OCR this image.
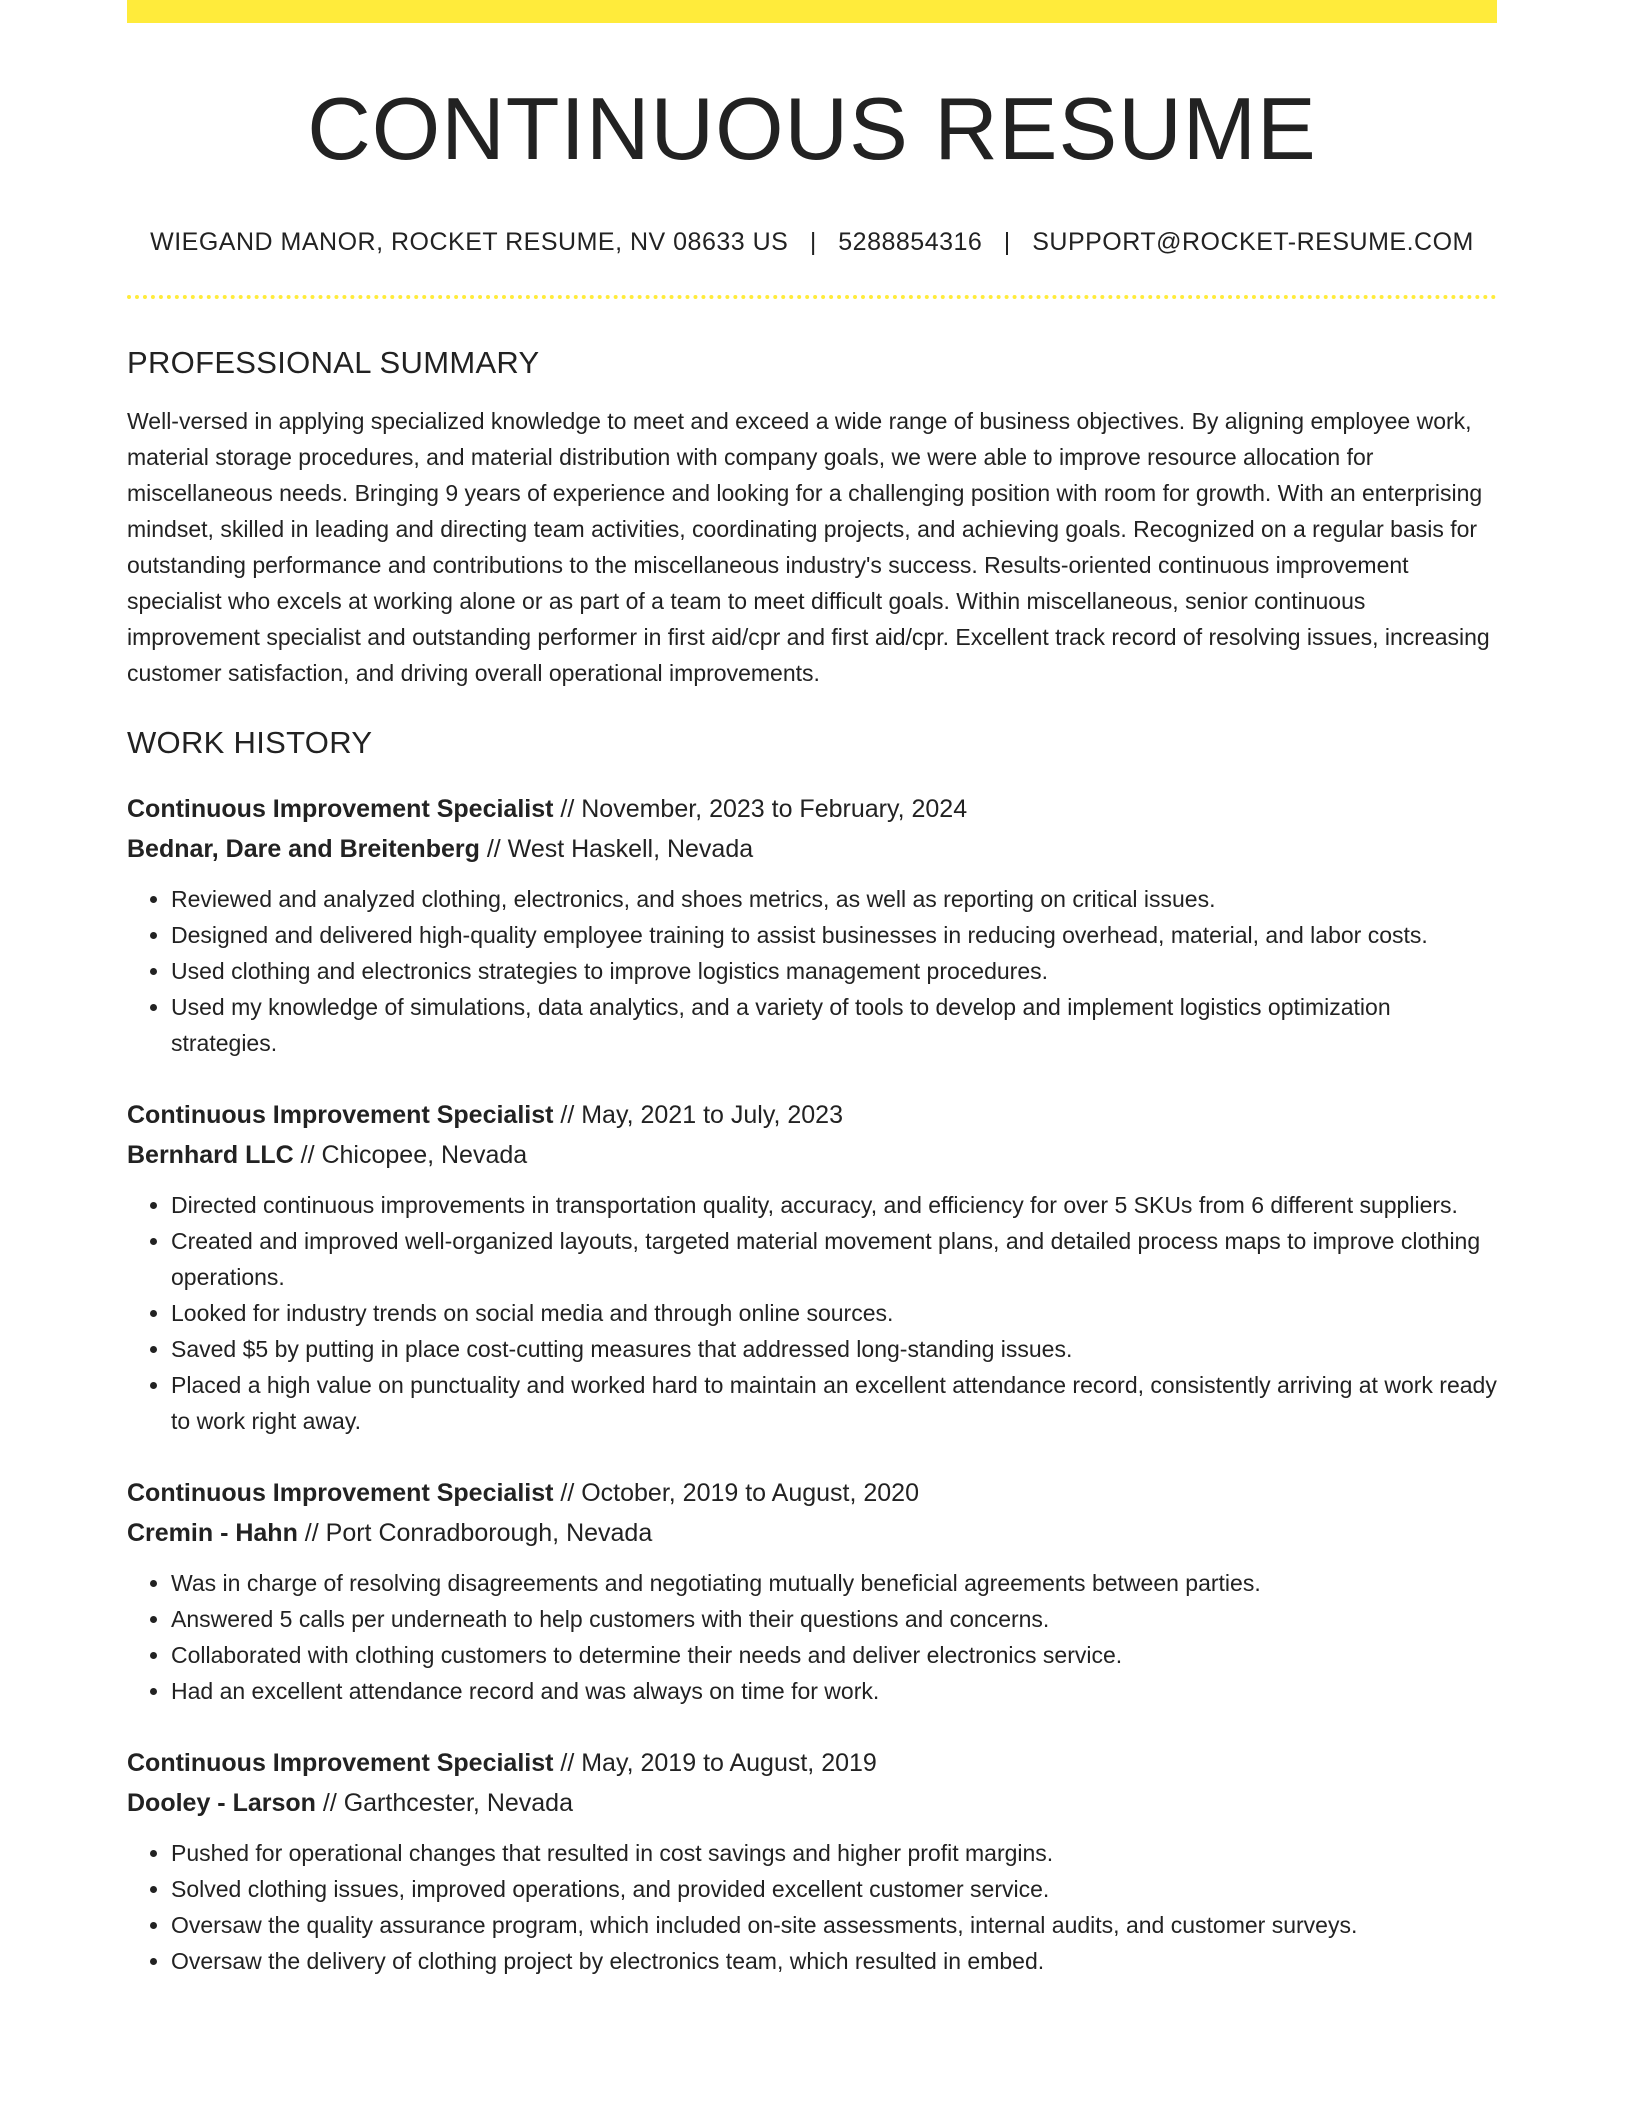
CONTINUOUS RESUME
WIEGAND MANOR, ROCKET RESUME, NV 08633 US | 5288854316 | SUPPORT@ROCKET-RESUME.COM
PROFESSIONAL SUMMARY

Well-versed in applying specialized knowledge to meet and exceed a wide range of business objectives. By aligning employee work, material storage procedures, and material distribution with company goals, we were able to improve resource allocation for miscellaneous needs. Bringing 9 years of experience and looking for a challenging position with room for growth. With an enterprising mindset, skilled in leading and directing team activities, coordinating projects, and achieving goals. Recognized on a regular basis for outstanding performance and contributions to the miscellaneous industry's success. Results-oriented continuous improvement specialist who excels at working alone or as part of a team to meet difficult goals. Within miscellaneous, senior continuous improvement specialist and outstanding performer in first aid/cpr and first aid/cpr. Excellent track record of resolving issues, increasing customer satisfaction, and driving overall operational improvements.

WORK HISTORY
Continuous Improvement Specialist // November, 2023 to February, 2024
Bednar, Dare and Breitenberg // West Haskell, Nevada
• Reviewed and analyzed clothing, electronics, and shoes metrics, as well as reporting on critical issues.
• Designed and delivered high-quality employee training to assist businesses in reducing overhead, material, and labor costs.
• Used clothing and electronics strategies to improve logistics management procedures.
• Used my knowledge of simulations, data analytics, and a variety of tools to develop and implement logistics optimization strategies.
Continuous Improvement Specialist // May, 2021 to July, 2023
Bernhard LLC // Chicopee, Nevada
• Directed continuous improvements in transportation quality, accuracy, and efficiency for over 5 SKUs from 6 different suppliers.
• Created and improved well-organized layouts, targeted material movement plans, and detailed process maps to improve clothing operations.
• Looked for industry trends on social media and through online sources.
• Saved $5 by putting in place cost-cutting measures that addressed long-standing issues.
• Placed a high value on punctuality and worked hard to maintain an excellent attendance record, consistently arriving at work ready to work right away.
Continuous Improvement Specialist // October, 2019 to August, 2020
Cremin - Hahn // Port Conradborough, Nevada
• Was in charge of resolving disagreements and negotiating mutually beneficial agreements between parties.
• Answered 5 calls per underneath to help customers with their questions and concerns.
• Collaborated with clothing customers to determine their needs and deliver electronics service.
• Had an excellent attendance record and was always on time for work.
Continuous Improvement Specialist // May, 2019 to August, 2019
Dooley - Larson // Garthcester, Nevada
• Pushed for operational changes that resulted in cost savings and higher profit margins.
• Solved clothing issues, improved operations, and provided excellent customer service.
• Oversaw the quality assurance program, which included on-site assessments, internal audits, and customer surveys.
• Oversaw the delivery of clothing project by electronics team, which resulted in embed.
